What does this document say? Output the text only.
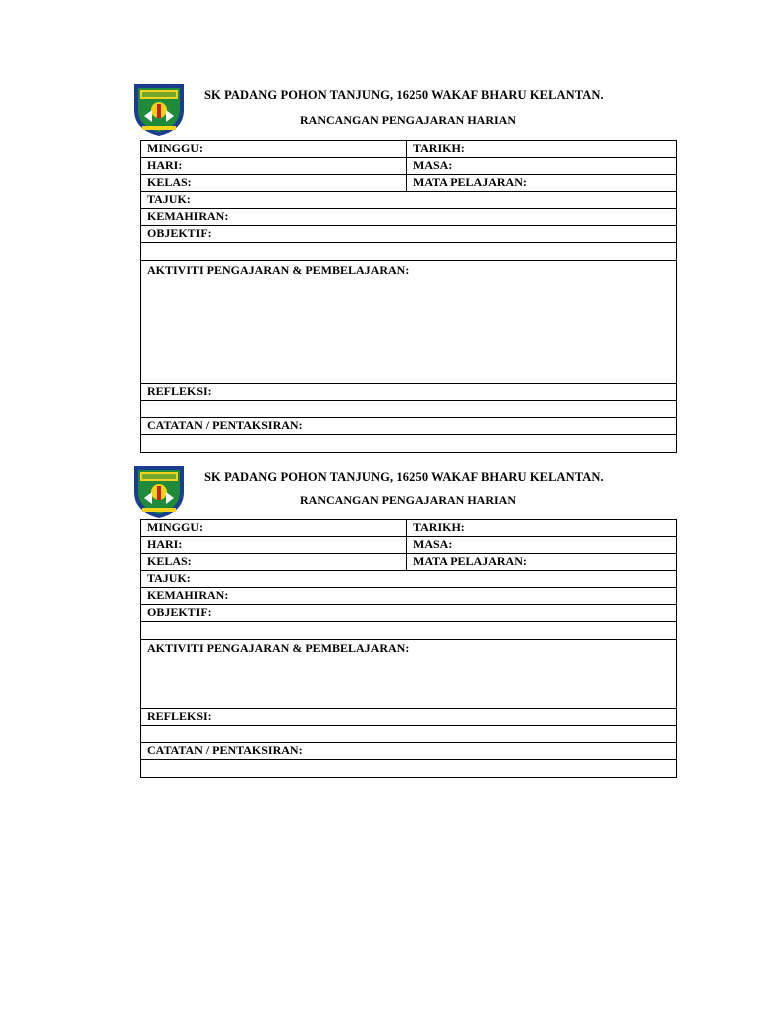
SK PADANG POHON TANJUNG, 16250 WAKAF BHARU KELANTAN.
RANCANGAN PENGAJARAN HARIAN
MINGGU:	TARIKH:
HARI:	MASA:
KELAS:	MATA PELAJARAN:
TAJUK:	
KEMAHIRAN:	
OBJEKTIF:	

AKTIVITI PENGAJARAN & PEMBELAJARAN:	
REFLEKSI:	

CATATAN / PENTAKSIRAN:	

SK PADANG POHON TANJUNG, 16250 WAKAF BHARU KELANTAN.
RANCANGAN PENGAJARAN HARIAN
MINGGU:	TARIKH:
HARI:	MASA:
KELAS:	MATA PELAJARAN:
TAJUK:	
KEMAHIRAN:	
OBJEKTIF:	

AKTIVITI PENGAJARAN & PEMBELAJARAN:	
REFLEKSI:	

CATATAN / PENTAKSIRAN:	
